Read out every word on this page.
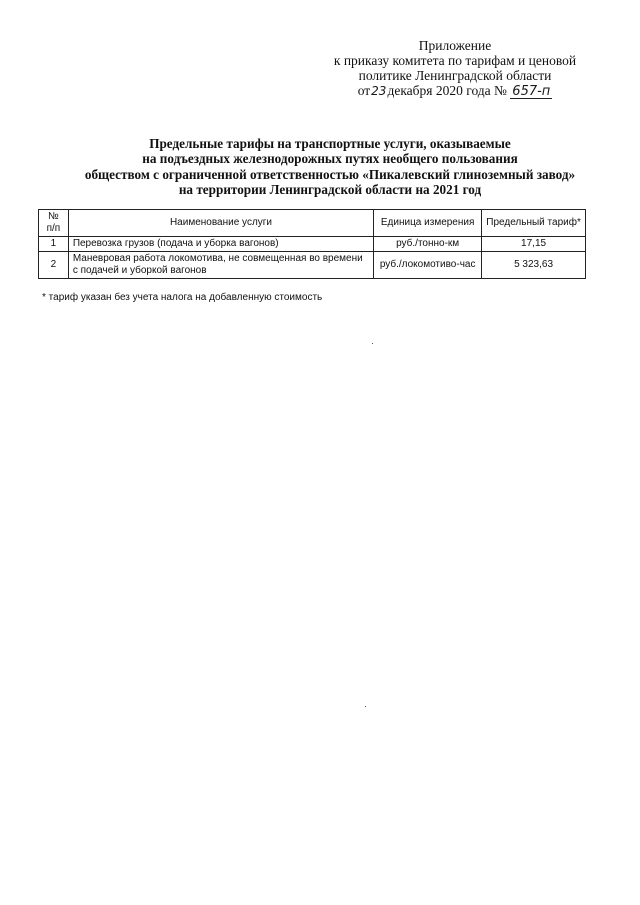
Приложение
к приказу комитета по тарифам и ценовой
политике Ленинградской области
от23декабря 2020 года № 657-п
Предельные тарифы на транспортные услуги, оказываемые
на подъездных железнодорожных путях необщего пользования
обществом с ограниченной ответственностью «Пикалевский глиноземный завод»
на территории Ленинградской области на 2021 год
№ п/п	Наименование услуги	Единица измерения	Предельный тариф*
1	Перевозка грузов (подача и уборка вагонов)	руб./тонно-км	17,15
2	Маневровая работа локомотива, не совмещенная во времени с подачей и уборкой вагонов	руб./локомотиво-час	5 323,63
* тариф указан без учета налога на добавленную стоимость
